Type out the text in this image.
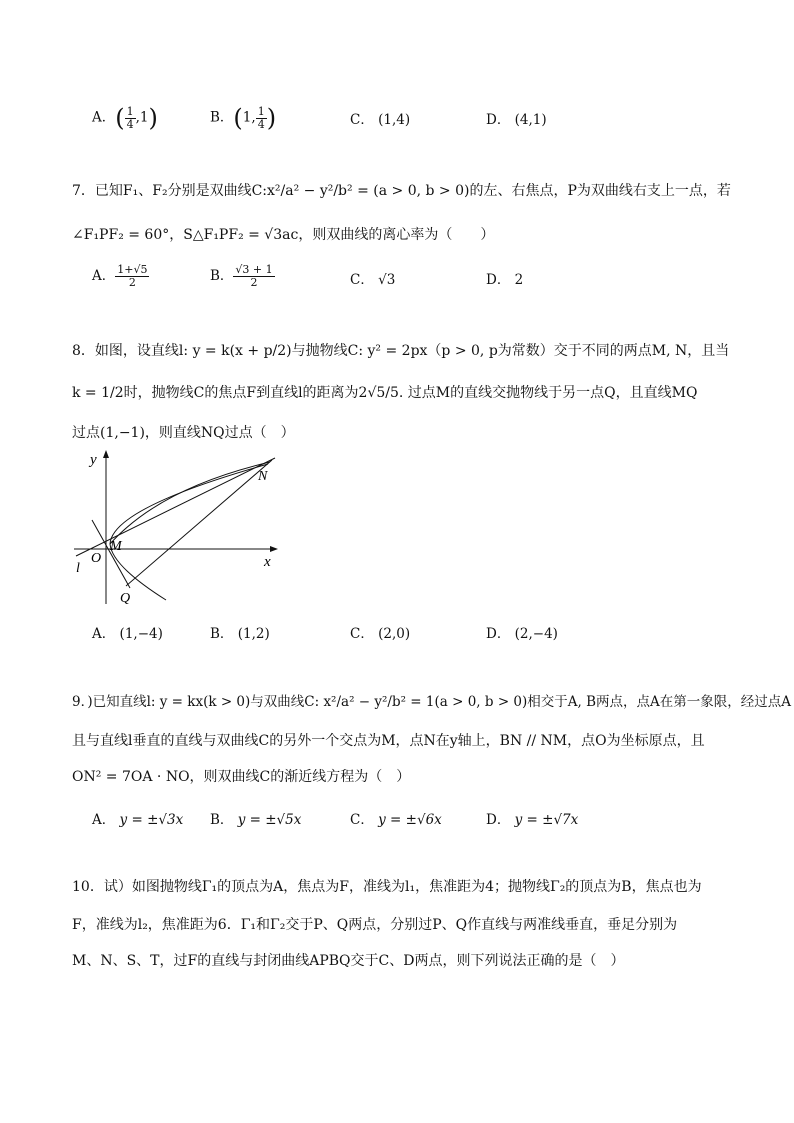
A．( $\frac{1}{4} ,1$)	B．(1, $\frac{1}{4}$ )	C． (1,4)	D． (4,1)
7．已知F₁、F₂分别是双曲线C:x²/a² − y²/b² = (a > 0, b > 0)的左、右焦点，P为双曲线右支上一点，若
∠F₁PF₂ = 60°，S△F₁PF₂ = √3ac，则双曲线的离心率为（　　）
A． $\frac{1+√5}{2}$	B． $\frac{√3 + 1}{2}$	C． √3	D． 2
8．如图，设直线l: y = k(x + p/2)与抛物线C: y² = 2px（p > 0, p为常数）交于不同的两点M, N，且当
k = 1/2时，抛物线C的焦点F到直线l的距离为2√5/5. 过点M的直线交抛物线于另一点Q，且直线MQ
过点(1,−1)，则直线NQ过点（　）
y
x
O
M
N
Q
l
A． (1,−4)	B． (1,2)	C． (2,0)	D． (2,−4)
9．)已知直线l: y = kx(k > 0)与双曲线C: x²/a² − y²/b² = 1(a > 0, b > 0)相交于A, B两点，点A在第一象限，经过点A
且与直线l垂直的直线与双曲线C的另外一个交点为M，点N在y轴上，BN // NM，点O为坐标原点，且
ON² = 7OA · NO，则双曲线C的渐近线方程为（　）
A． y = ±√3x B． y = ±√5x	C． y = ±√6x	D． y = ±√7x
10．试）如图抛物线Γ₁的顶点为A，焦点为F，准线为l₁，焦准距为4；抛物线Γ₂的顶点为B，焦点也为
F，准线为l₂，焦准距为6．Γ₁和Γ₂交于P、Q两点，分别过P、Q作直线与两准线垂直，垂足分别为
M、N、S、T，过F的直线与封闭曲线APBQ交于C、D两点，则下列说法正确的是（　）
